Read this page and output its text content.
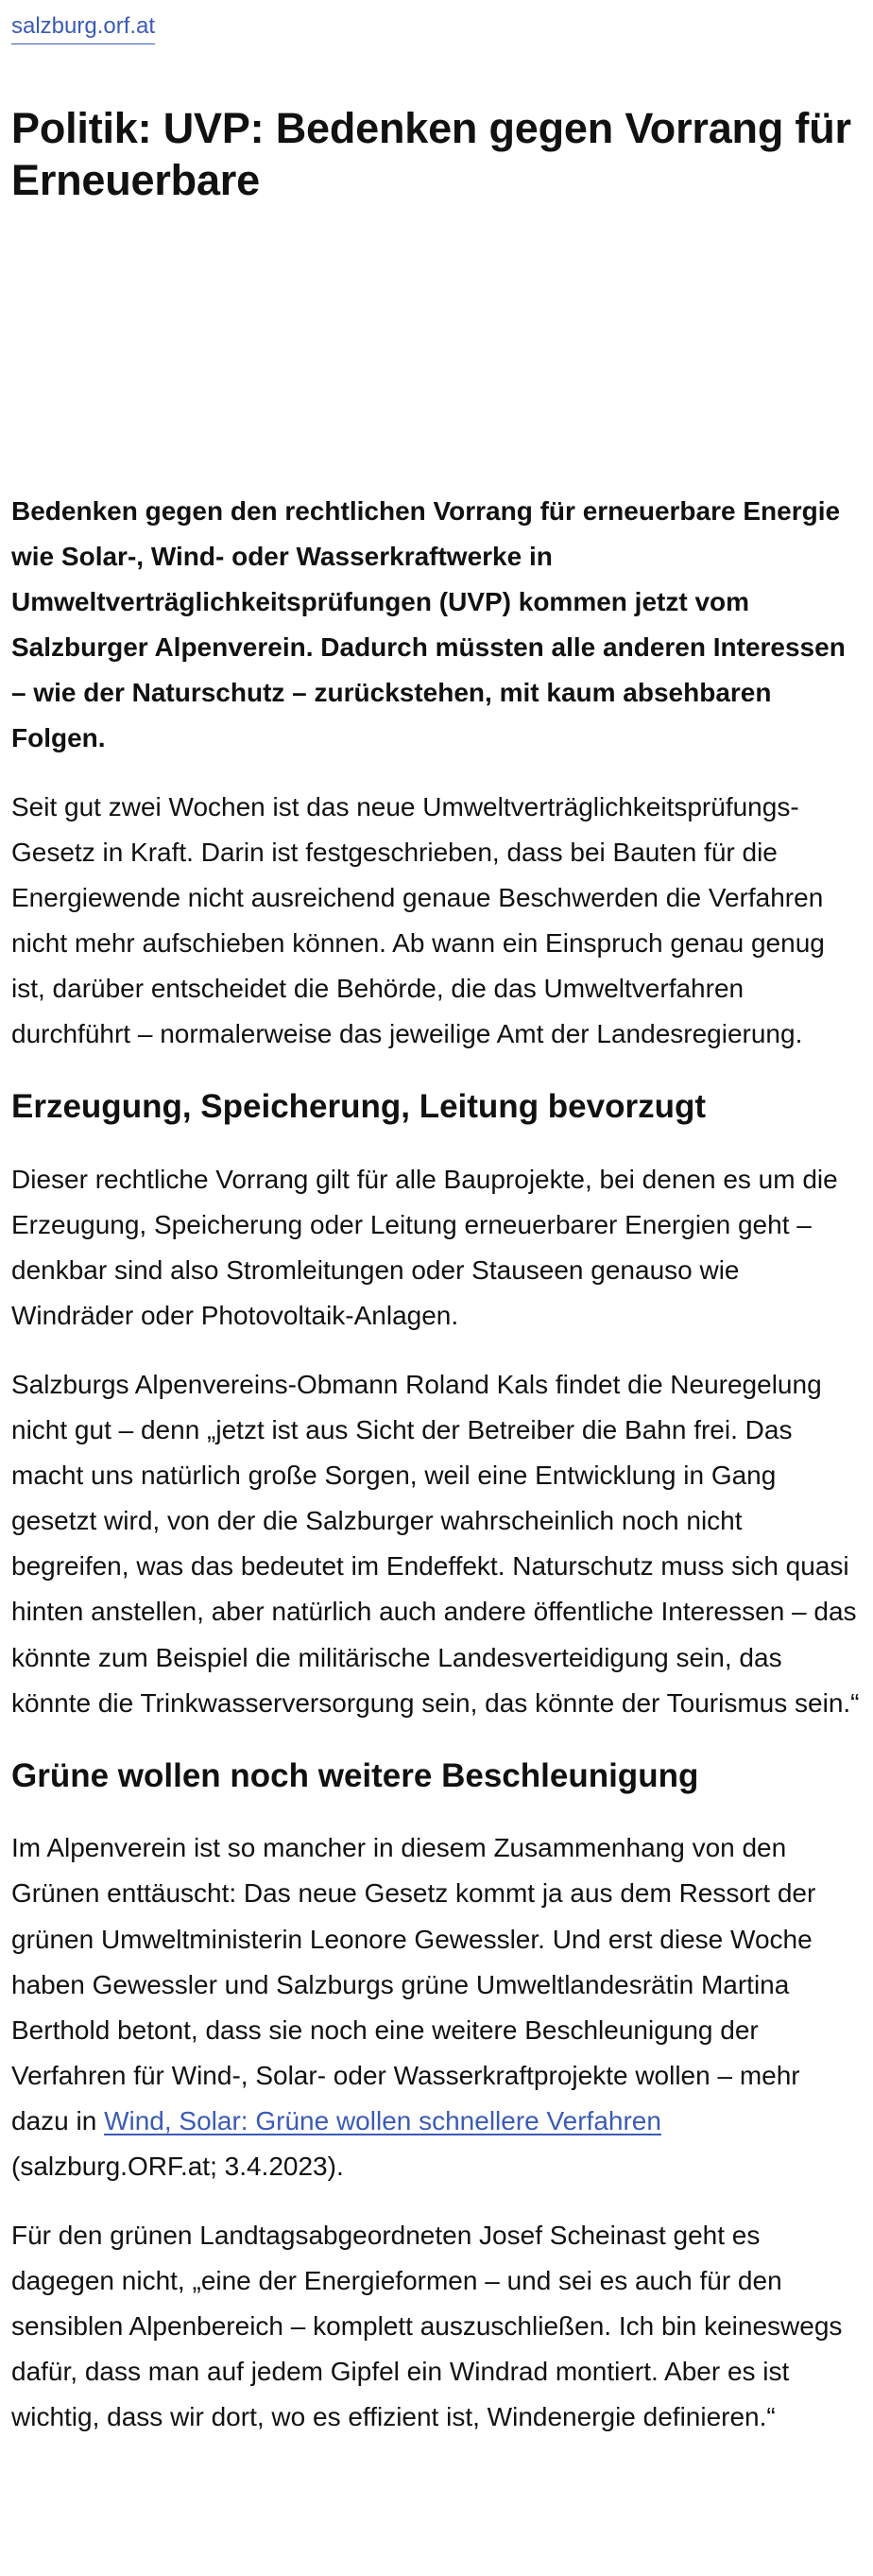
salzburg.orf.at
Politik: UVP: Bedenken gegen Vorrang für Erneuerbare

Bedenken gegen den rechtlichen Vorrang für erneuerbare Energie wie Solar-, Wind- oder Wasserkraftwerke in Umweltverträglichkeitsprüfungen (UVP) kommen jetzt vom Salzburger Alpenverein. Dadurch müssten alle anderen Interessen – wie der Naturschutz – zurückstehen, mit kaum absehbaren Folgen.

Seit gut zwei Wochen ist das neue Umweltverträglichkeitsprüfungs-Gesetz in Kraft. Darin ist festgeschrieben, dass bei Bauten für die Energiewende nicht ausreichend genaue Beschwerden die Verfahren nicht mehr aufschieben können. Ab wann ein Einspruch genau genug ist, darüber entscheidet die Behörde, die das Umweltverfahren durchführt – normalerweise das jeweilige Amt der Landesregierung.

Erzeugung, Speicherung, Leitung bevorzugt

Dieser rechtliche Vorrang gilt für alle Bauprojekte, bei denen es um die Erzeugung, Speicherung oder Leitung erneuerbarer Energien geht – denkbar sind also Stromleitungen oder Stauseen genauso wie Windräder oder Photovoltaik-Anlagen.

Salzburgs Alpenvereins-Obmann Roland Kals findet die Neuregelung nicht gut – denn „jetzt ist aus Sicht der Betreiber die Bahn frei. Das macht uns natürlich große Sorgen, weil eine Entwicklung in Gang gesetzt wird, von der die Salzburger wahrscheinlich noch nicht begreifen, was das bedeutet im Endeffekt. Naturschutz muss sich quasi hinten anstellen, aber natürlich auch andere öffentliche Interessen – das könnte zum Beispiel die militärische Landesverteidigung sein, das könnte die Trinkwasserversorgung sein, das könnte der Tourismus sein.“

Grüne wollen noch weitere Beschleunigung

Im Alpenverein ist so mancher in diesem Zusammenhang von den Grünen enttäuscht: Das neue Gesetz kommt ja aus dem Ressort der grünen Umweltministerin Leonore Gewessler. Und erst diese Woche haben Gewessler und Salzburgs grüne Umweltlandesrätin Martina Berthold betont, dass sie noch eine weitere Beschleunigung der Verfahren für Wind-, Solar- oder Wasserkraftprojekte wollen – mehr dazu in Wind, Solar: Grüne wollen schnellere Verfahren (salzburg.ORF.at; 3.4.2023).

Für den grünen Landtagsabgeordneten Josef Scheinast geht es dagegen nicht, „eine der Energieformen – und sei es auch für den sensiblen Alpenbereich – komplett auszuschließen. Ich bin keineswegs dafür, dass man auf jedem Gipfel ein Windrad montiert. Aber es ist wichtig, dass wir dort, wo es effizient ist, Windenergie definieren.“
